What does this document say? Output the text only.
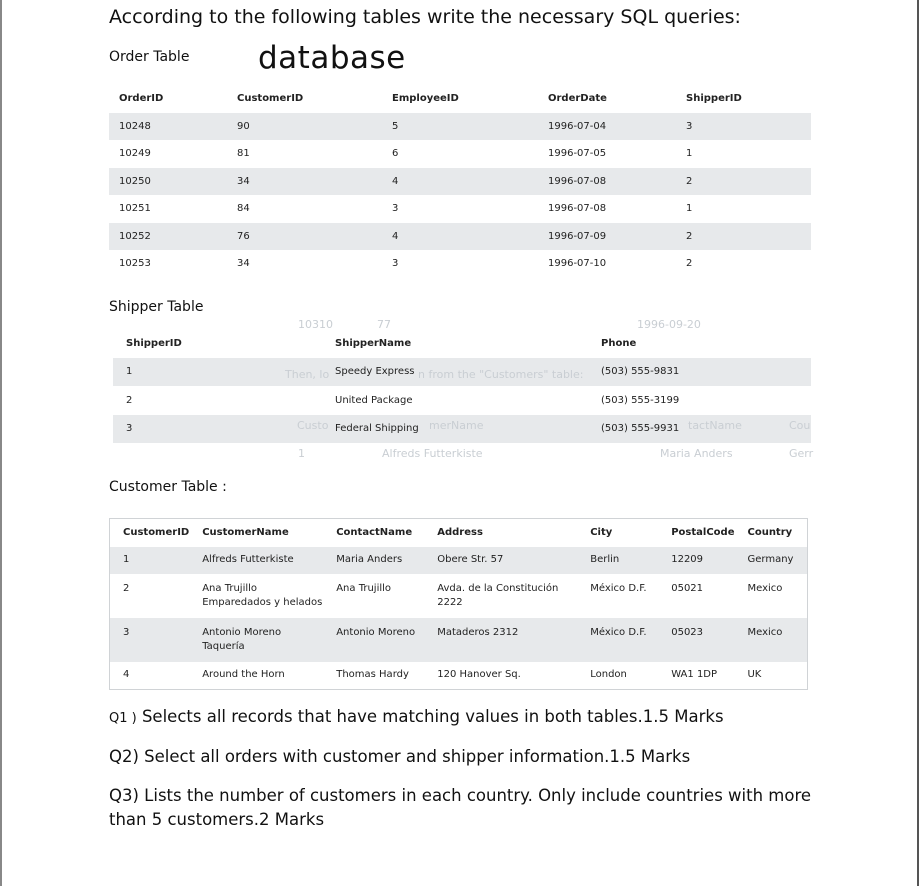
According to the following tables write the necessary SQL queries:
Order Table database
OrderID	CustomerID	EmployeeID	OrderDate	ShipperID
10248	90	5	1996-07-04	3
10249	81	6	1996-07-05	1
10250	34	4	1996-07-08	2
10251	84	3	1996-07-08	1
10252	76	4	1996-07-09	2
10253	34	3	1996-07-10	2
Shipper Table
10310	77	1996-09-20
ShipperID	ShipperName	Phone
1	Speedy Express	(503) 555-9831
2	United Package	(503) 555-3199
3	Federal Shipping	(503) 555-9931
Then, lo	n from the "Customers" table:
Custo	merName	tactName	Cou
1	Alfreds Futterkiste	Maria Anders	Gerr
Customer Table :
CustomerID	CustomerName	ContactName	Address	City	PostalCode	Country
1	Alfreds Futterkiste	Maria Anders	Obere Str. 57	Berlin	12209	Germany
2	Ana Trujillo Emparedados y helados	Ana Trujillo	Avda. de la Constitución 2222	México D.F.	05021	Mexico
3	Antonio Moreno Taquería	Antonio Moreno	Mataderos 2312	México D.F.	05023	Mexico
4	Around the Horn	Thomas Hardy	120 Hanover Sq.	London	WA1 1DP	UK
Q1 ) Selects all records that have matching values in both tables.1.5 Marks
Q2) Select all orders with customer and shipper information.1.5 Marks
Q3) Lists the number of customers in each country. Only include countries with more than 5 customers.2 Marks
